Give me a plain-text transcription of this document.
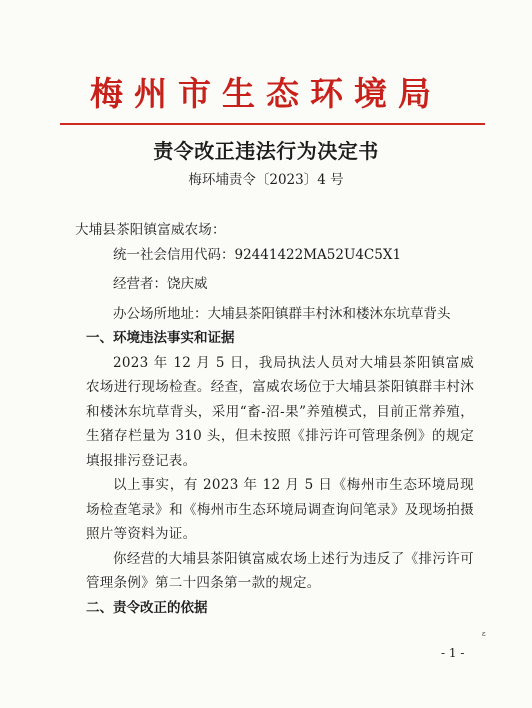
梅州市生态环境局
责令改正违法行为决定书
梅环埔责令〔2023〕4 号

大埔县茶阳镇富威农场：

统一社会信用代码：92441422MA52U4C5X1

经营者：饶庆威

办公场所地址：大埔县茶阳镇群丰村沐和楼沐东坑草背头

一、环境违法事实和证据

2023 年 12 月 5 日，我局执法人员对大埔县茶阳镇富威农场进行现场检查。经查，富威农场位于大埔县茶阳镇群丰村沐和楼沐东坑草背头，采用“畜-沼-果”养殖模式，目前正常养殖，生猪存栏量为 310 头，但未按照《排污许可管理条例》的规定填报排污登记表。

以上事实，有 2023 年 12 月 5 日《梅州市生态环境局现场检查笔录》和《梅州市生态环境局调查询问笔录》及现场拍摄照片等资料为证。

你经营的大埔县茶阳镇富威农场上述行为违反了《排污许可管理条例》第二十四条第一款的规定。

二、责令改正的依据

ɛ
- 1 -
